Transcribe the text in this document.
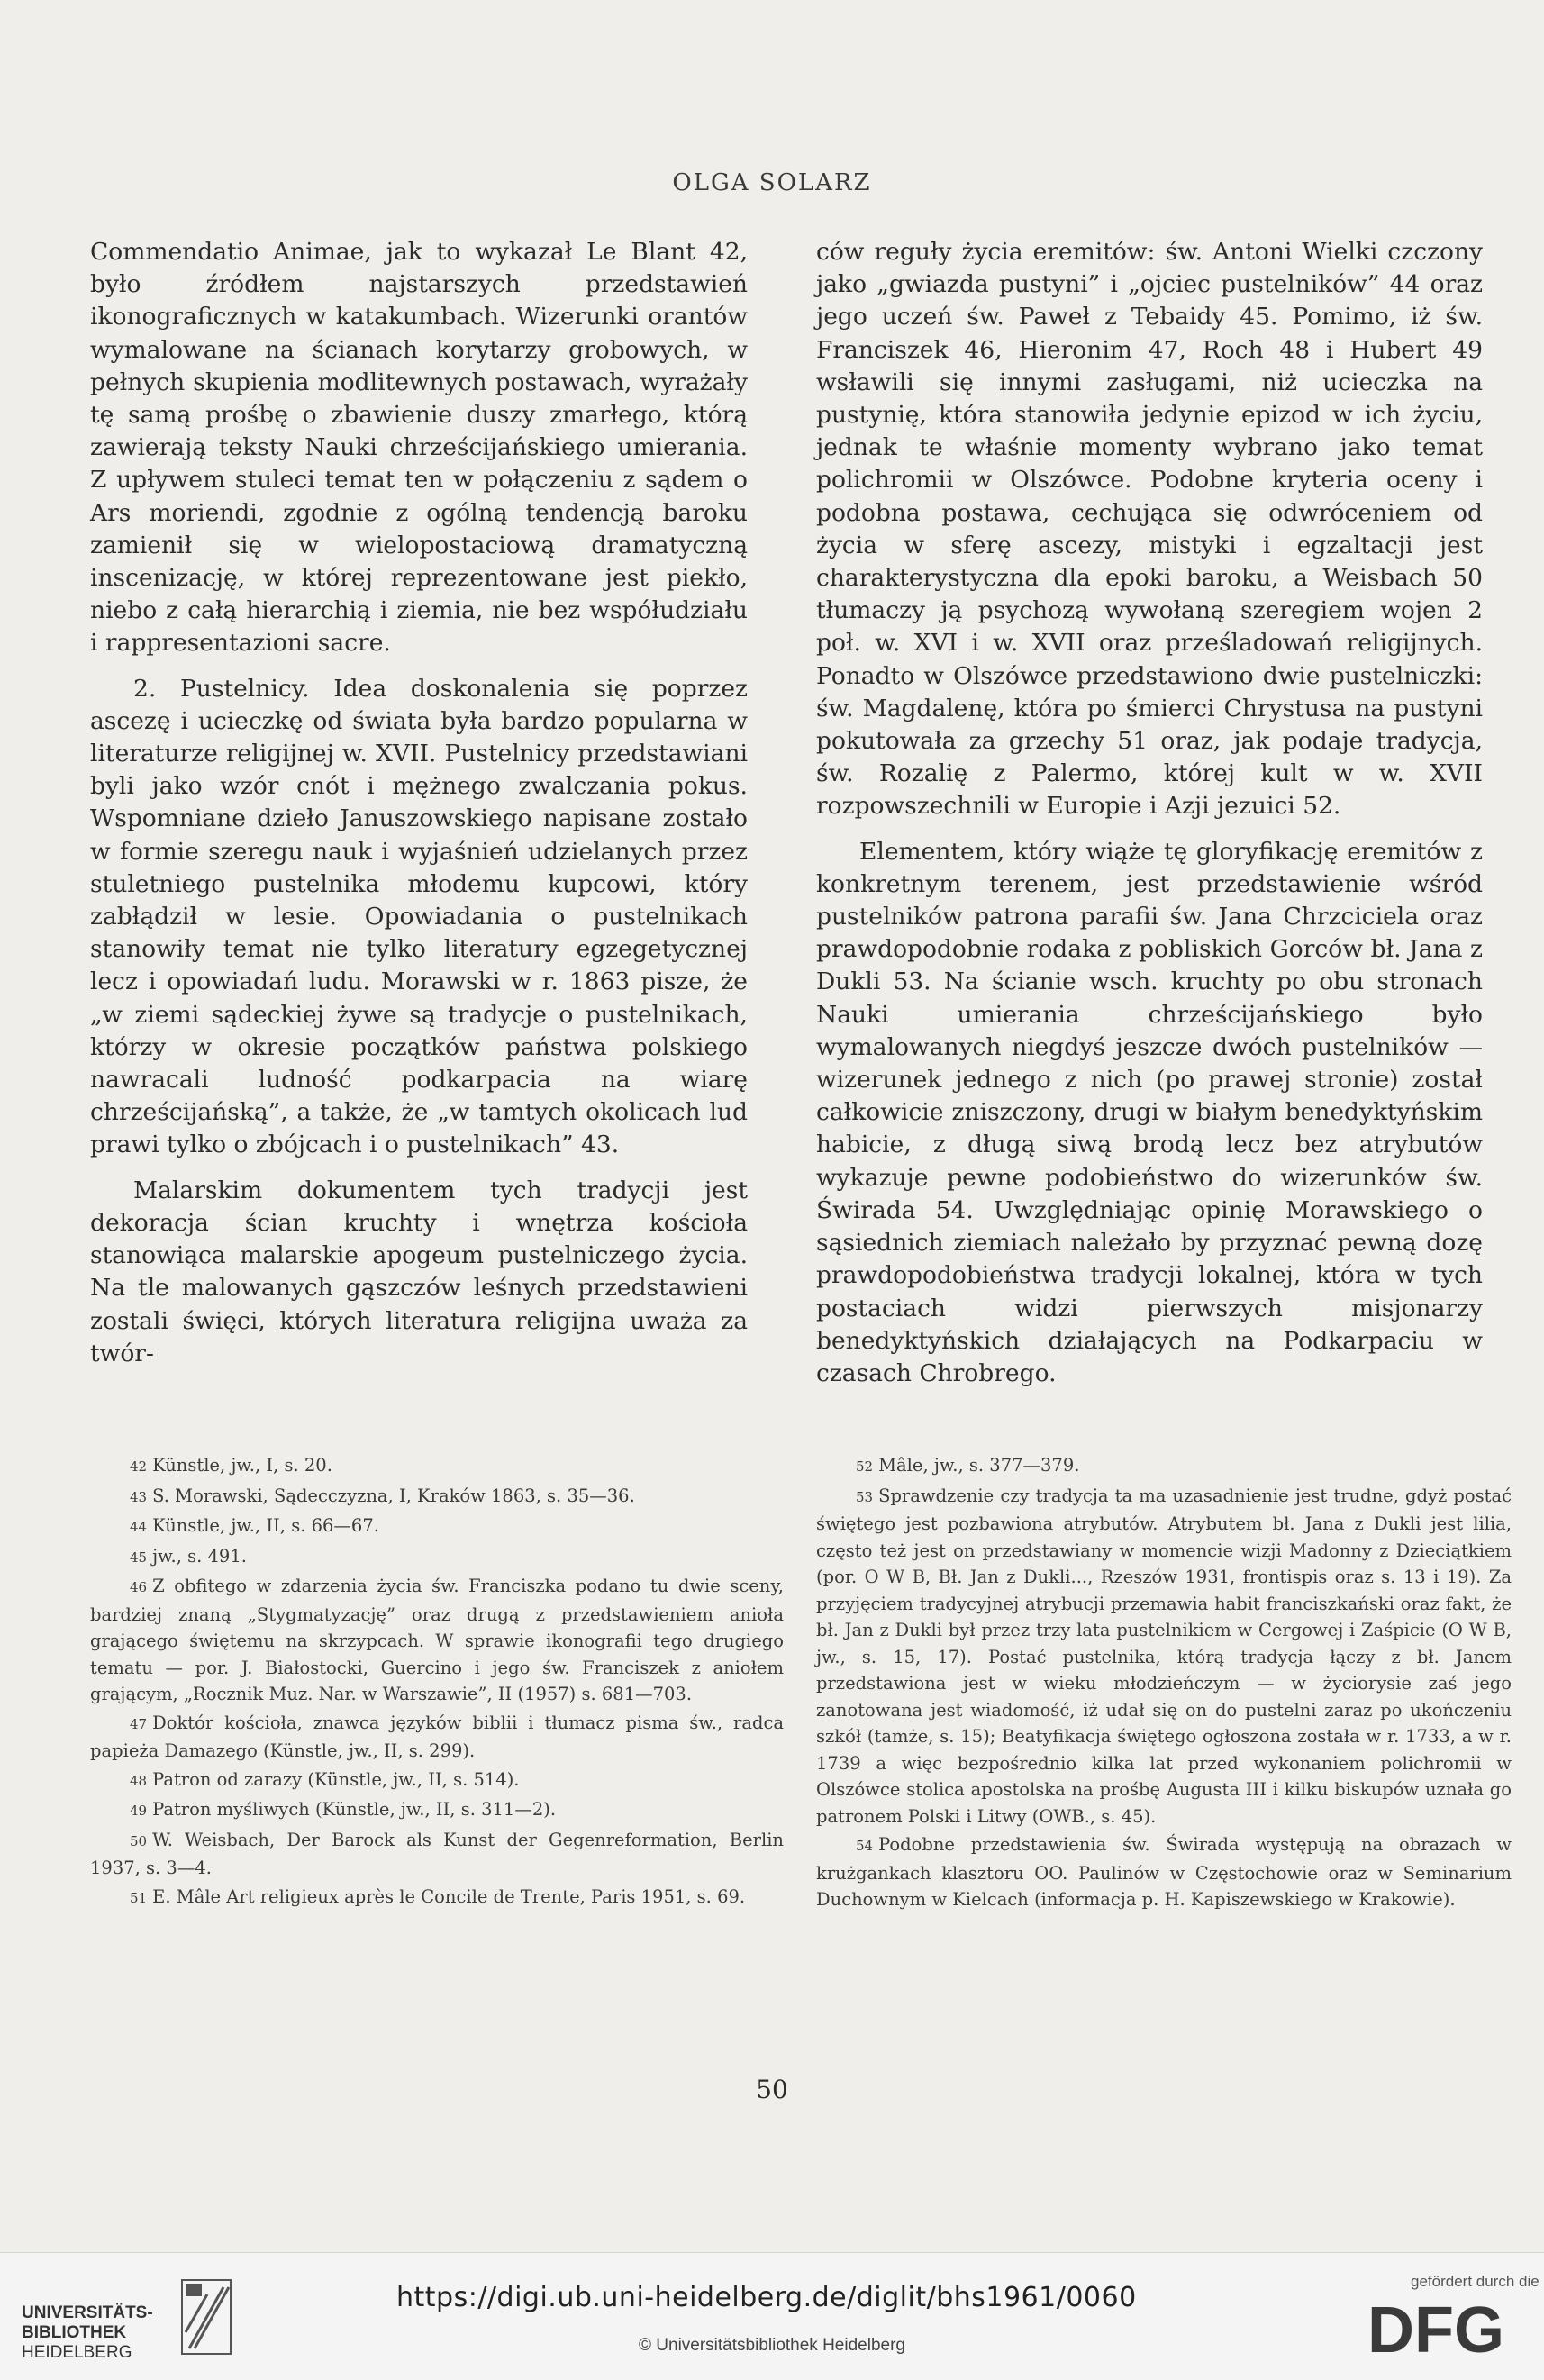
OLGA SOLARZ

Commendatio Animae, jak to wykazał Le Blant 42, było źródłem najstarszych przedstawień ikonograficznych w katakumbach. Wizerunki orantów wymalowane na ścianach korytarzy grobowych, w pełnych skupienia modlitewnych postawach, wyrażały tę samą prośbę o zbawienie duszy zmarłego, którą zawierają teksty Nauki chrześcijańskiego umierania. Z upływem stuleci temat ten w połączeniu z sądem o Ars moriendi, zgodnie z ogólną tendencją baroku zamienił się w wielopostaciową dramatyczną inscenizację, w której reprezentowane jest piekło, niebo z całą hierarchią i ziemia, nie bez współudziału i rappresentazioni sacre.

2. Pustelnicy. Idea doskonalenia się poprzez ascezę i ucieczkę od świata była bardzo popularna w literaturze religijnej w. XVII. Pustelnicy przedstawiani byli jako wzór cnót i mężnego zwalczania pokus. Wspomniane dzieło Januszowskiego napisane zostało w formie szeregu nauk i wyjaśnień udzielanych przez stuletniego pustelnika młodemu kupcowi, który zabłądził w lesie. Opowiadania o pustelnikach stanowiły temat nie tylko literatury egzegetycznej lecz i opowiadań ludu. Morawski w r. 1863 pisze, że „w ziemi sądeckiej żywe są tradycje o pustelnikach, którzy w okresie początków państwa polskiego nawracali ludność podkarpacia na wiarę chrześcijańską”, a także, że „w tamtych okolicach lud prawi tylko o zbójcach i o pustelnikach” 43.

Malarskim dokumentem tych tradycji jest dekoracja ścian kruchty i wnętrza kościoła stanowiąca malarskie apogeum pustelniczego życia. Na tle malowanych gąszczów leśnych przedstawieni zostali święci, których literatura religijna uważa za twór-

ców reguły życia eremitów: św. Antoni Wielki czczony jako „gwiazda pustyni” i „ojciec pustelników” 44 oraz jego uczeń św. Paweł z Tebaidy 45. Pomimo, iż św. Franciszek 46, Hieronim 47, Roch 48 i Hubert 49 wsławili się innymi zasługami, niż ucieczka na pustynię, która stanowiła jedynie epizod w ich życiu, jednak te właśnie momenty wybrano jako temat polichromii w Olszówce. Podobne kryteria oceny i podobna postawa, cechująca się odwróceniem od życia w sferę ascezy, mistyki i egzaltacji jest charakterystyczna dla epoki baroku, a Weisbach 50 tłumaczy ją psychozą wywołaną szeregiem wojen 2 poł. w. XVI i w. XVII oraz prześladowań religijnych. Ponadto w Olszówce przedstawiono dwie pustelniczki: św. Magdalenę, która po śmierci Chrystusa na pustyni pokutowała za grzechy 51 oraz, jak podaje tradycja, św. Rozalię z Palermo, której kult w w. XVII rozpowszechnili w Europie i Azji jezuici 52.

Elementem, który wiąże tę gloryfikację eremitów z konkretnym terenem, jest przedstawienie wśród pustelników patrona parafii św. Jana Chrzciciela oraz prawdopodobnie rodaka z pobliskich Gorców bł. Jana z Dukli 53. Na ścianie wsch. kruchty po obu stronach Nauki umierania chrześcijańskiego było wymalowanych niegdyś jeszcze dwóch pustelników — wizerunek jednego z nich (po prawej stronie) został całkowicie zniszczony, drugi w białym benedyktyńskim habicie, z długą siwą brodą lecz bez atrybutów wykazuje pewne podobieństwo do wizerunków św. Świrada 54. Uwzględniając opinię Morawskiego o sąsiednich ziemiach należało by przyznać pewną dozę prawdopodobieństwa tradycji lokalnej, która w tych postaciach widzi pierwszych misjonarzy benedyktyńskich działających na Podkarpaciu w czasach Chrobrego.

42 Künstle, jw., I, s. 20.
43 S. Morawski, Sądecczyzna, I, Kraków 1863, s. 35—36.
44 Künstle, jw., II, s. 66—67.
45 jw., s. 491.
46 Z obfitego w zdarzenia życia św. Franciszka podano tu dwie sceny, bardziej znaną „Stygmatyzację” oraz drugą z przedstawieniem anioła grającego świętemu na skrzypcach. W sprawie ikonografii tego drugiego tematu — por. J. Białostocki, Guercino i jego św. Franciszek z aniołem grającym, „Rocznik Muz. Nar. w Warszawie”, II (1957) s. 681—703.
47 Doktór kościoła, znawca języków biblii i tłumacz pisma św., radca papieża Damazego (Künstle, jw., II, s. 299).
48 Patron od zarazy (Künstle, jw., II, s. 514).
49 Patron myśliwych (Künstle, jw., II, s. 311—2).
50 W. Weisbach, Der Barock als Kunst der Gegenreformation, Berlin 1937, s. 3—4.
51 E. Mâle Art religieux après le Concile de Trente, Paris 1951, s. 69.
52 Mâle, jw., s. 377—379.
53 Sprawdzenie czy tradycja ta ma uzasadnienie jest trudne, gdyż postać świętego jest pozbawiona atrybutów. Atrybutem bł. Jana z Dukli jest lilia, często też jest on przedstawiany w momencie wizji Madonny z Dzieciątkiem (por. O W B, Bł. Jan z Dukli..., Rzeszów 1931, frontispis oraz s. 13 i 19). Za przyjęciem tradycyjnej atrybucji przemawia habit franciszkański oraz fakt, że bł. Jan z Dukli był przez trzy lata pustelnikiem w Cergowej i Zaśpicie (O W B, jw., s. 15, 17). Postać pustelnika, którą tradycja łączy z bł. Janem przedstawiona jest w wieku młodzieńczym — w życiorysie zaś jego zanotowana jest wiadomość, iż udał się on do pustelni zaraz po ukończeniu szkół (tamże, s. 15); Beatyfikacja świętego ogłoszona została w r. 1733, a w r. 1739 a więc bezpośrednio kilka lat przed wykonaniem polichromii w Olszówce stolica apostolska na prośbę Augusta III i kilku biskupów uznała go patronem Polski i Litwy (OWB., s. 45).
54 Podobne przedstawienia św. Świrada występują na obrazach w krużgankach klasztoru OO. Paulinów w Częstochowie oraz w Seminarium Duchownym w Kielcach (informacja p. H. Kapiszewskiego w Krakowie).
50
UNIVERSITÄTS-
BIBLIOTHEK
HEIDELBERG
https://digi.ub.uni-heidelberg.de/diglit/bhs1961/0060
© Universitätsbibliothek Heidelberg
gefördert durch die
DFG
